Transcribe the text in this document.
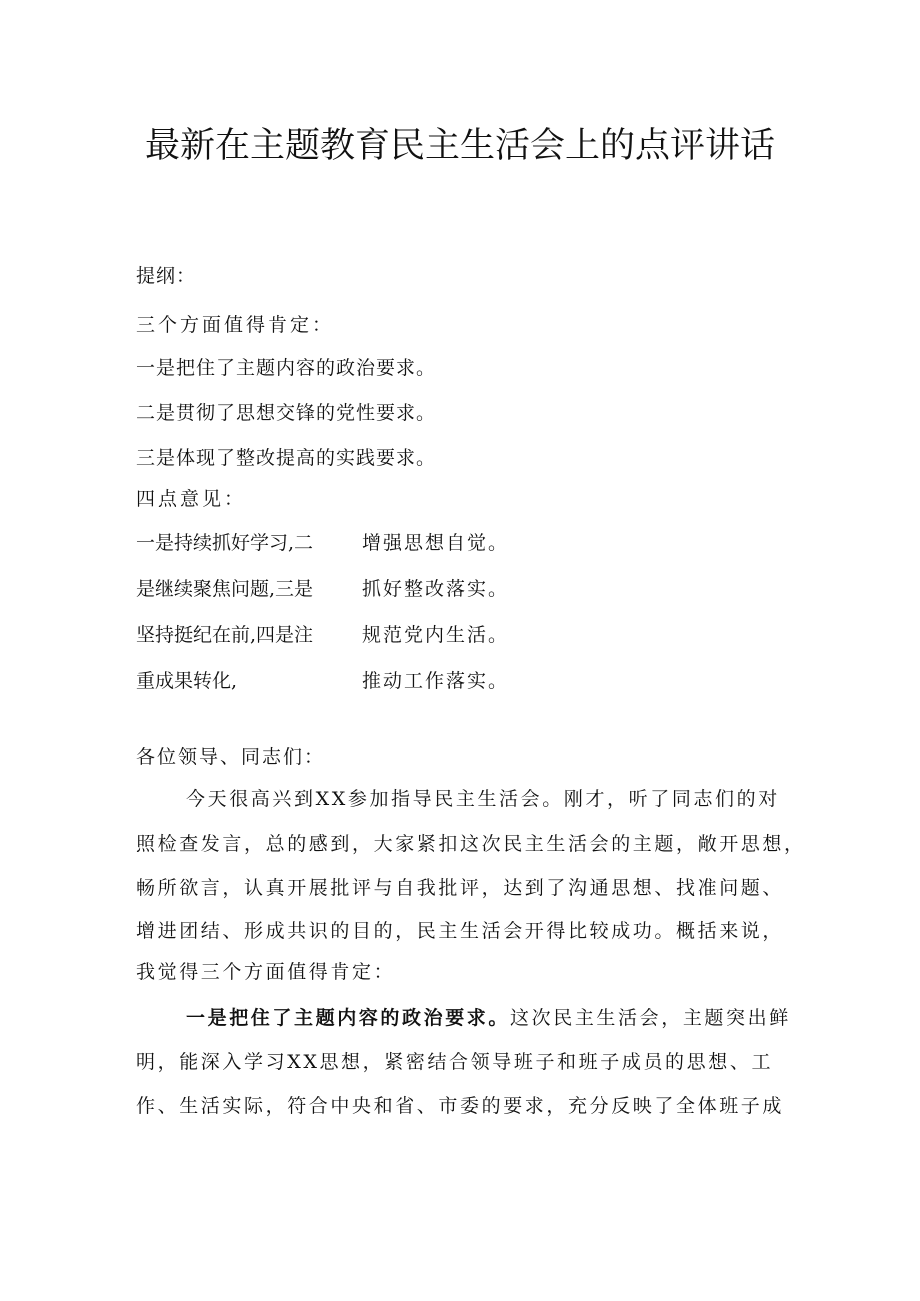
最新在主题教育民主生活会上的点评讲话
提纲：
三个方面值得肯定：
一是把住了主题内容的政治要求。
二是贯彻了思想交锋的党性要求。
三是体现了整改提高的实践要求。
四点意见：
一是持续抓好学习,二
是继续聚焦问题,三是
坚持挺纪在前,四是注
重成果转化,
增强思想自觉。
抓好整改落实。
规范党内生活。
推动工作落实。
各位领导、同志们：
今天很高兴到XX参加指导民主生活会。刚才，听了同志们的对
照检查发言，总的感到，大家紧扣这次民主生活会的主题，敞开思想，
畅所欲言，认真开展批评与自我批评，达到了沟通思想、找准问题、
增进团结、形成共识的目的，民主生活会开得比较成功。概括来说，
我觉得三个方面值得肯定：
一是把住了主题内容的政治要求。这次民主生活会，主题突出鲜
明，能深入学习XX思想，紧密结合领导班子和班子成员的思想、工
作、生活实际，符合中央和省、市委的要求，充分反映了全体班子成
